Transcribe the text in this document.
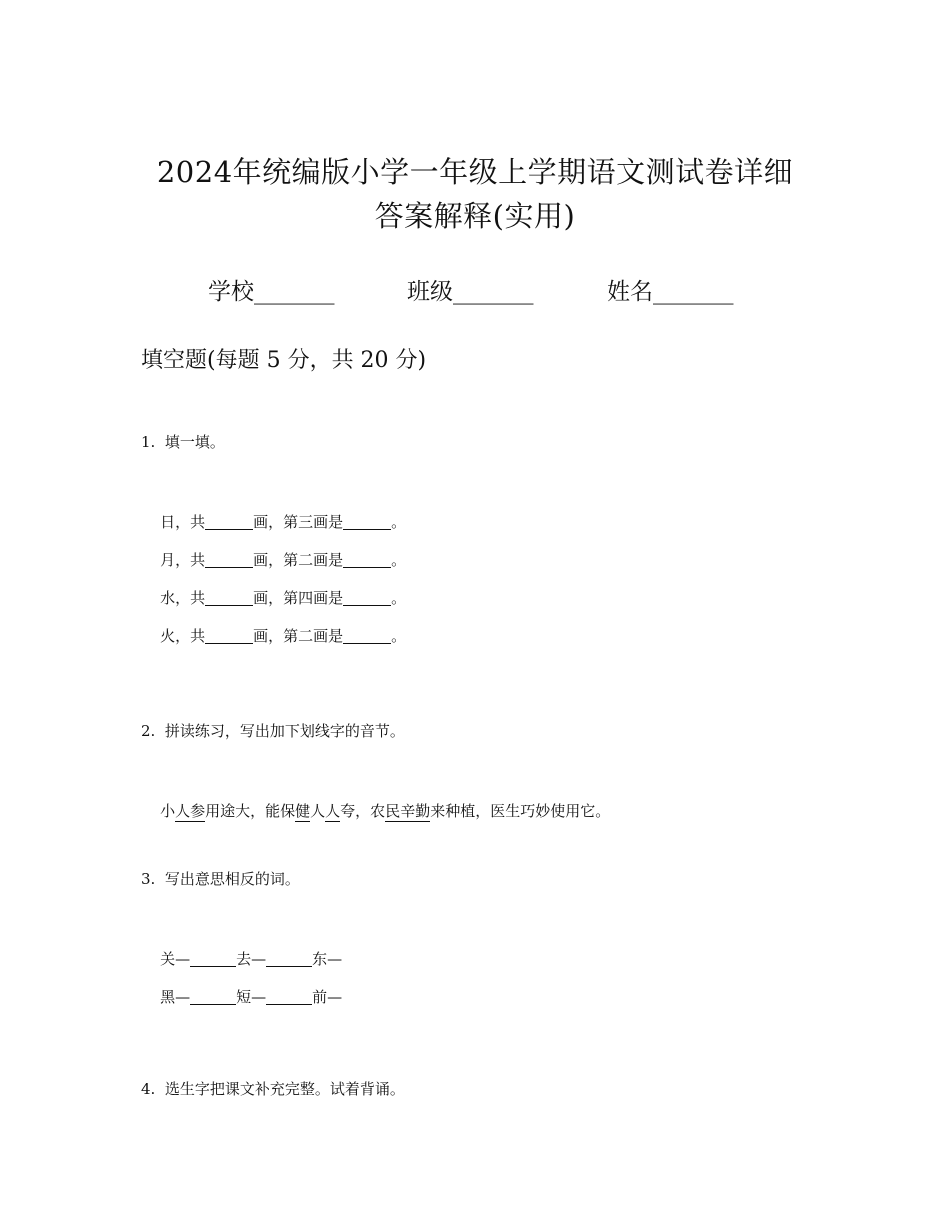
2024年统编版小学一年级上学期语文测试卷详细
答案解释(实用)
学校_______	班级_______	姓名_______
填空题(每题 5 分，共 20 分)
1.  填一填。

日，共	画，第三画是	。

月，共	画，第二画是	。

水，共	画，第四画是	。

火，共	画，第二画是	。

2.  拼读练习，写出加下划线字的音节。

小人参用途大，能保健人人夸，农民辛勤来种植，医生巧妙使用它。

3.  写出意思相反的词。

关—	去—	东—

黑—	短—	前—

4.  选生字把课文补充完整。试着背诵。
